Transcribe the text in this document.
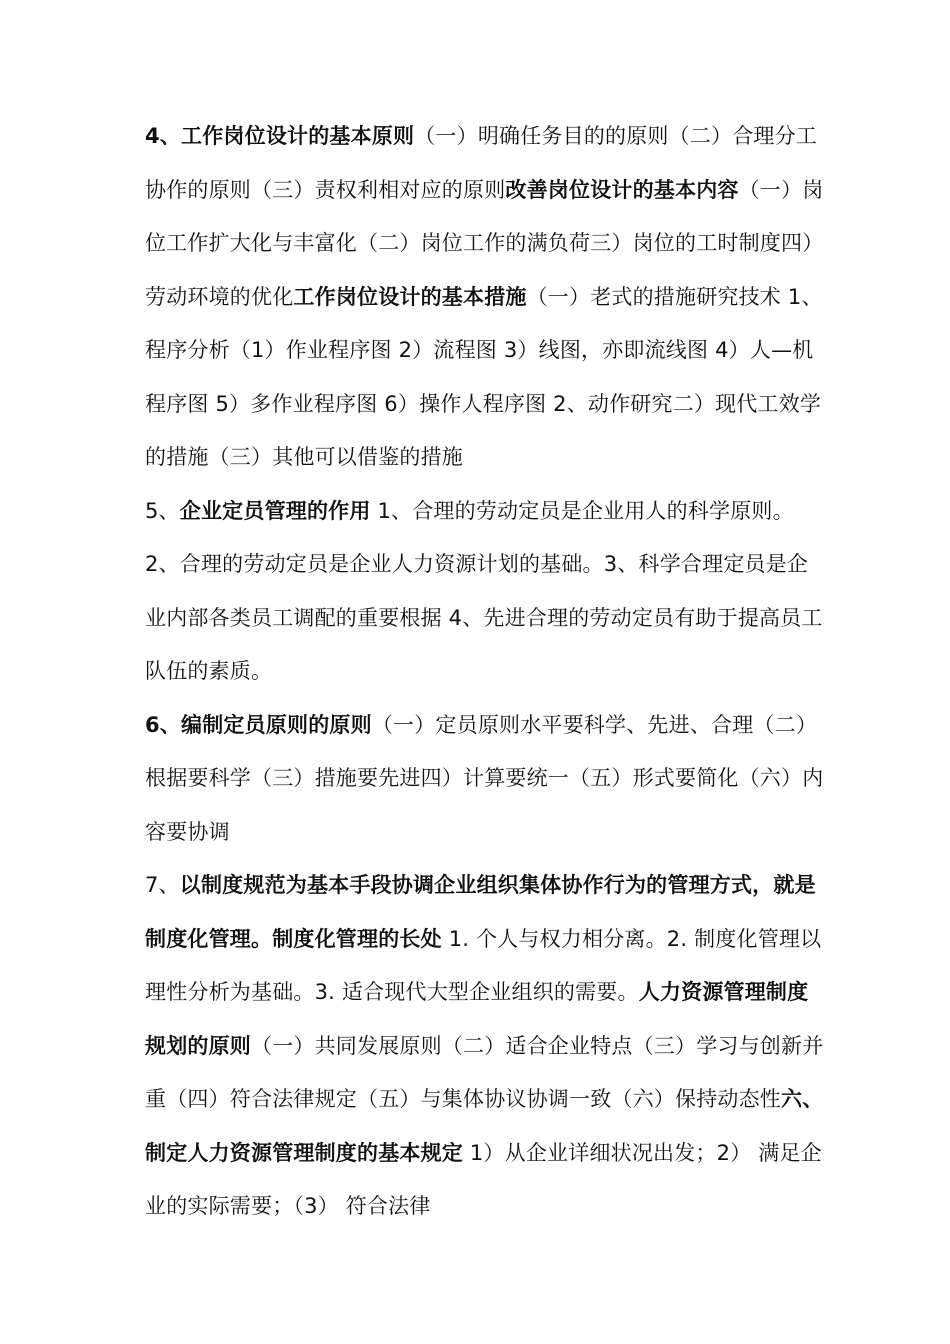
4、工作岗位设计的基本原则（一）明确任务目的的原则（二）合理分工协作的原则（三）责权利相对应的原则改善岗位设计的基本内容（一）岗位工作扩大化与丰富化（二）岗位工作的满负荷三）岗位的工时制度四）劳动环境的优化工作岗位设计的基本措施（一）老式的措施研究技术 1、程序分析（1）作业程序图 2）流程图 3）线图，亦即流线图 4）人—机程序图 5）多作业程序图 6）操作人程序图 2、动作研究二）现代工效学的措施（三）其他可以借鉴的措施

5、企业定员管理的作用 1、合理的劳动定员是企业用人的科学原则。2、合理的劳动定员是企业人力资源计划的基础。3、科学合理定员是企业内部各类员工调配的重要根据 4、先进合理的劳动定员有助于提高员工队伍的素质。

6、编制定员原则的原则（一）定员原则水平要科学、先进、合理（二）根据要科学（三）措施要先进四）计算要统一（五）形式要简化（六）内容要协调

7、以制度规范为基本手段协调企业组织集体协作行为的管理方式，就是制度化管理。制度化管理的长处 1. 个人与权力相分离。2. 制度化管理以理性分析为基础。3. 适合现代大型企业组织的需要。人力资源管理制度规划的原则（一）共同发展原则（二）适合企业特点（三）学习与创新并重（四）符合法律规定（五）与集体协议协调一致（六）保持动态性六、制定人力资源管理制度的基本规定 1）从企业详细状况出发；2） 满足企业的实际需要；（3） 符合法律
